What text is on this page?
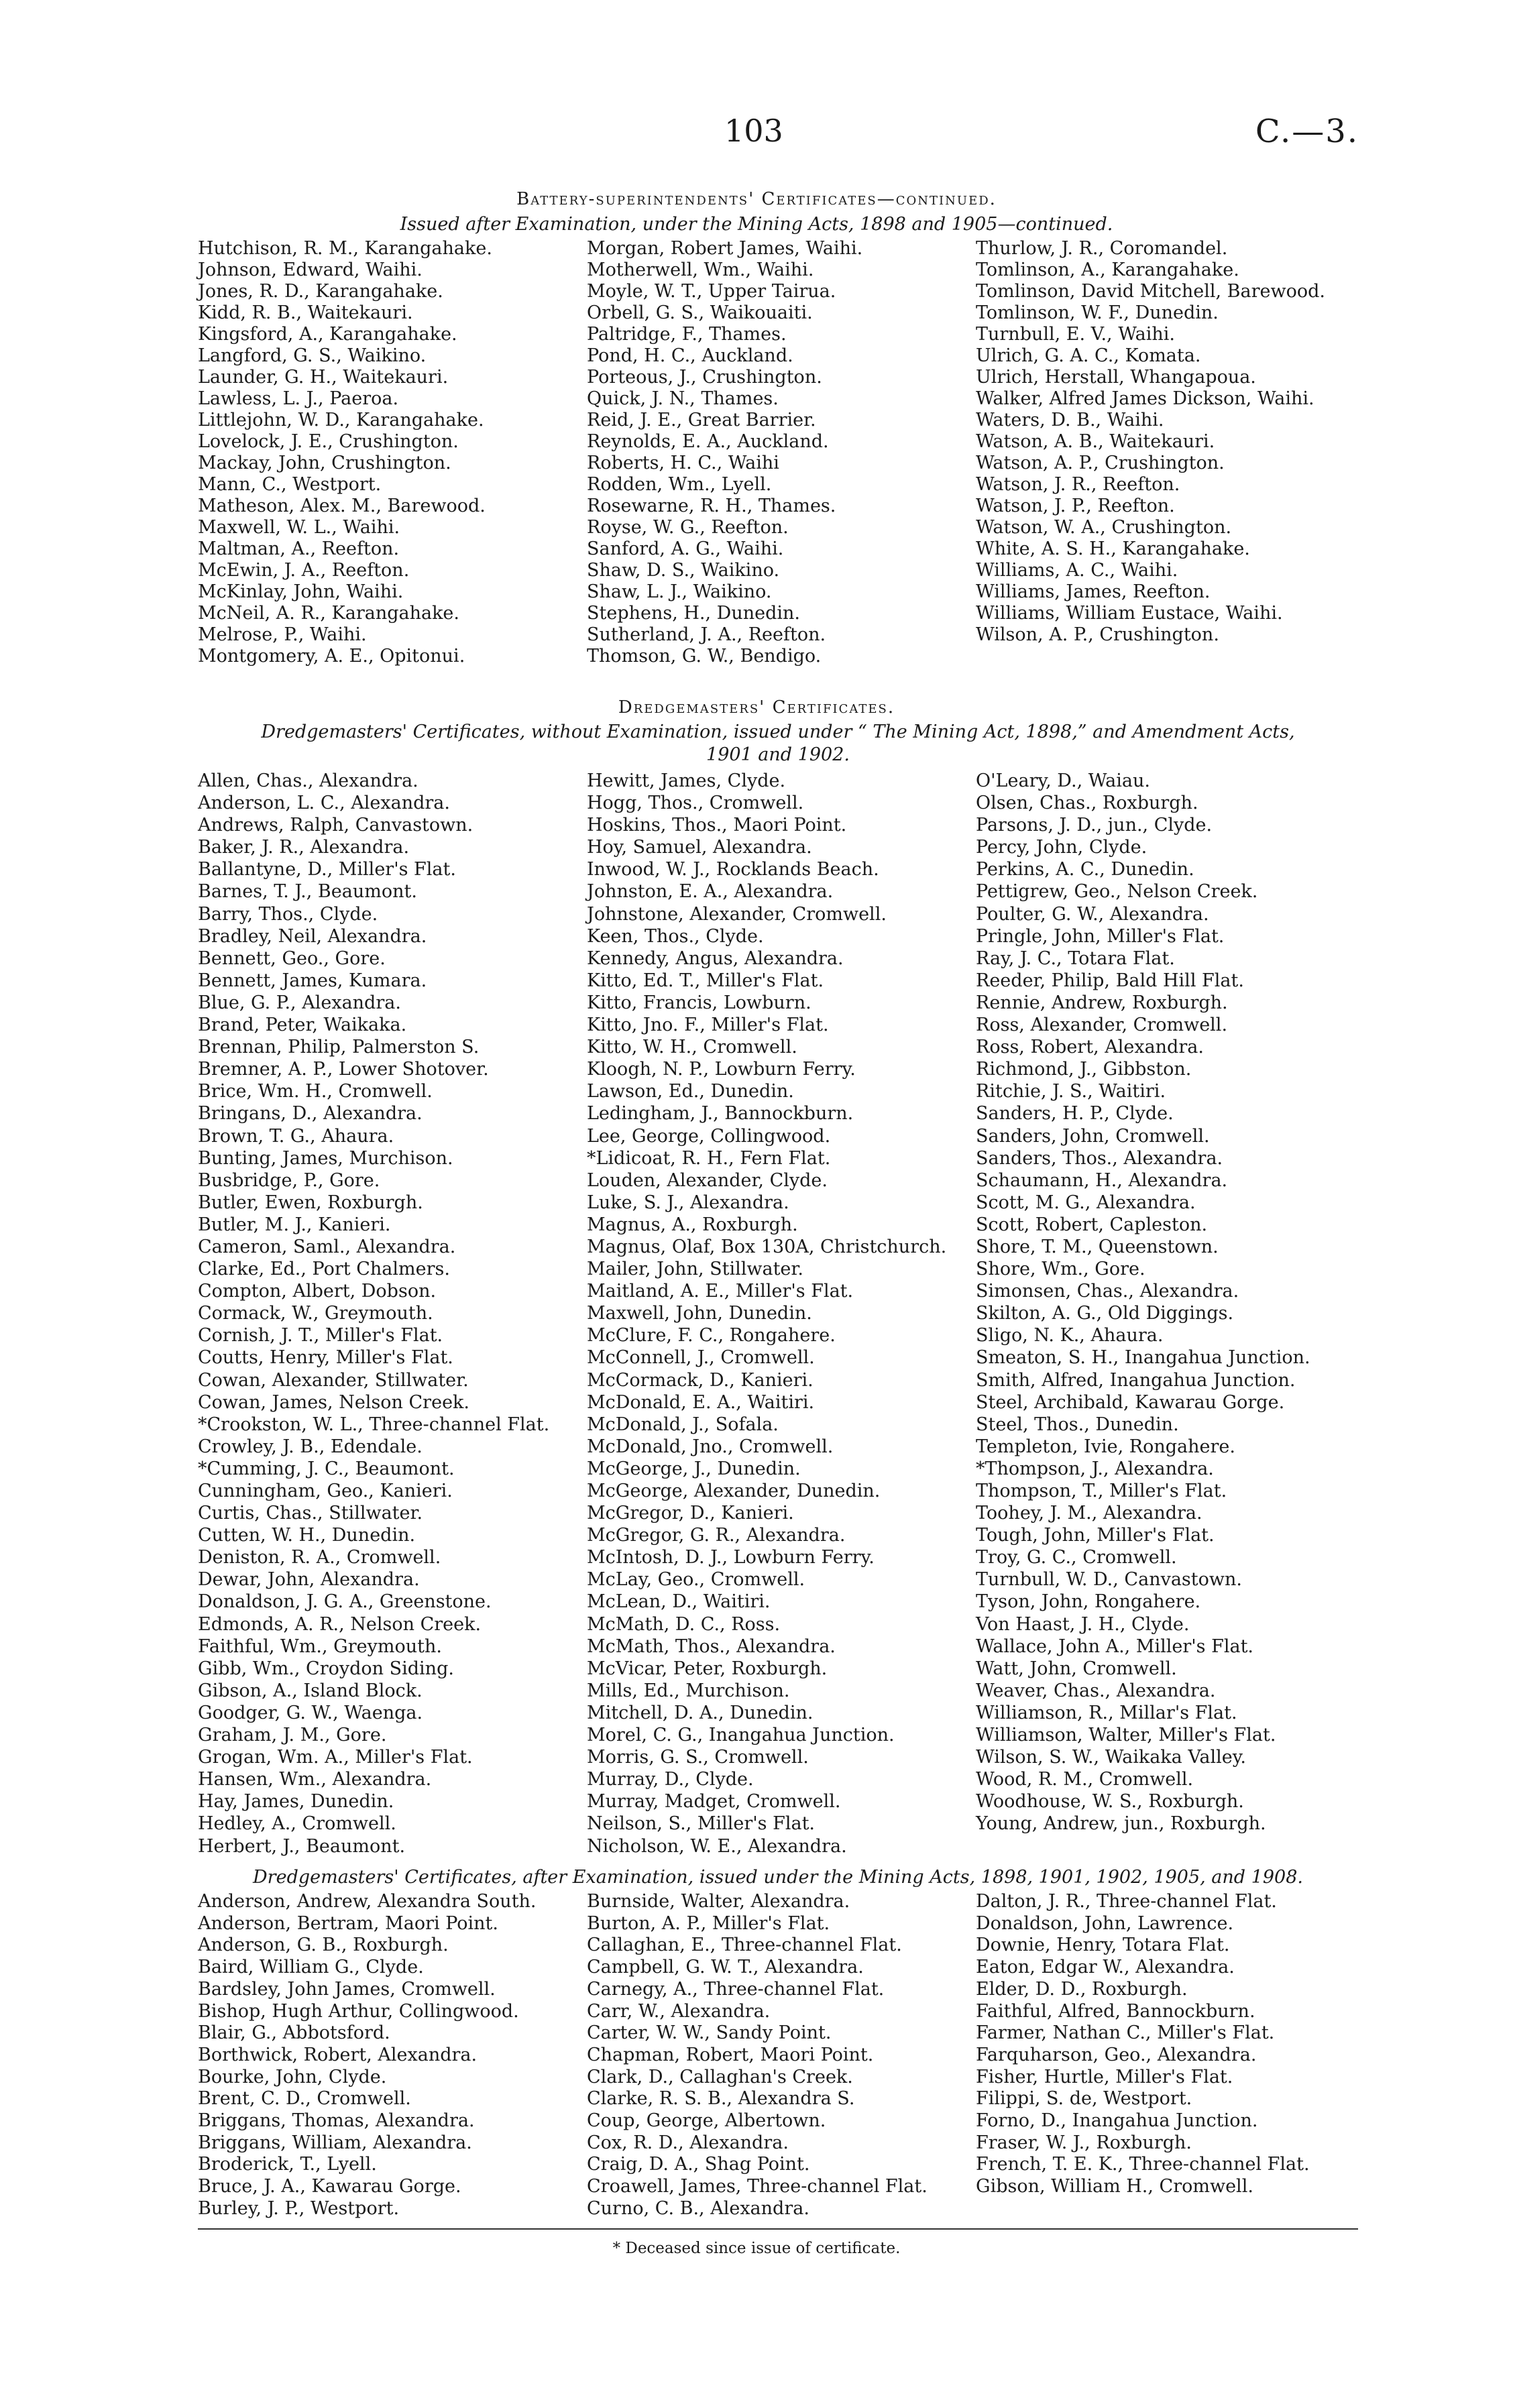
103	C.—3.
Battery-superintendents' Certificates—continued.
Issued after Examination, under the Mining Acts, 1898 and 1905—continued.
Hutchison, R. M., Karangahake.
Johnson, Edward, Waihi.
Jones, R. D., Karangahake.
Kidd, R. B., Waitekauri.
Kingsford, A., Karangahake.
Langford, G. S., Waikino.
Launder, G. H., Waitekauri.
Lawless, L. J., Paeroa.
Littlejohn, W. D., Karangahake.
Lovelock, J. E., Crushington.
Mackay, John, Crushington.
Mann, C., Westport.
Matheson, Alex. M., Barewood.
Maxwell, W. L., Waihi.
Maltman, A., Reefton.
McEwin, J. A., Reefton.
McKinlay, John, Waihi.
McNeil, A. R., Karangahake.
Melrose, P., Waihi.
Montgomery, A. E., Opitonui.
Morgan, Robert James, Waihi.
Motherwell, Wm., Waihi.
Moyle, W. T., Upper Tairua.
Orbell, G. S., Waikouaiti.
Paltridge, F., Thames.
Pond, H. C., Auckland.
Porteous, J., Crushington.
Quick, J. N., Thames.
Reid, J. E., Great Barrier.
Reynolds, E. A., Auckland.
Roberts, H. C., Waihi
Rodden, Wm., Lyell.
Rosewarne, R. H., Thames.
Royse, W. G., Reefton.
Sanford, A. G., Waihi.
Shaw, D. S., Waikino.
Shaw, L. J., Waikino.
Stephens, H., Dunedin.
Sutherland, J. A., Reefton.
Thomson, G. W., Bendigo.
Thurlow, J. R., Coromandel.
Tomlinson, A., Karangahake.
Tomlinson, David Mitchell, Barewood.
Tomlinson, W. F., Dunedin.
Turnbull, E. V., Waihi.
Ulrich, G. A. C., Komata.
Ulrich, Herstall, Whangapoua.
Walker, Alfred James Dickson, Waihi.
Waters, D. B., Waihi.
Watson, A. B., Waitekauri.
Watson, A. P., Crushington.
Watson, J. R., Reefton.
Watson, J. P., Reefton.
Watson, W. A., Crushington.
White, A. S. H., Karangahake.
Williams, A. C., Waihi.
Williams, James, Reefton.
Williams, William Eustace, Waihi.
Wilson, A. P., Crushington.
Dredgemasters' Certificates.
Dredgemasters' Certificates, without Examination, issued under “ The Mining Act, 1898,” and Amendment Acts,
1901 and 1902.
Allen, Chas., Alexandra.
Anderson, L. C., Alexandra.
Andrews, Ralph, Canvastown.
Baker, J. R., Alexandra.
Ballantyne, D., Miller's Flat.
Barnes, T. J., Beaumont.
Barry, Thos., Clyde.
Bradley, Neil, Alexandra.
Bennett, Geo., Gore.
Bennett, James, Kumara.
Blue, G. P., Alexandra.
Brand, Peter, Waikaka.
Brennan, Philip, Palmerston S.
Bremner, A. P., Lower Shotover.
Brice, Wm. H., Cromwell.
Bringans, D., Alexandra.
Brown, T. G., Ahaura.
Bunting, James, Murchison.
Busbridge, P., Gore.
Butler, Ewen, Roxburgh.
Butler, M. J., Kanieri.
Cameron, Saml., Alexandra.
Clarke, Ed., Port Chalmers.
Compton, Albert, Dobson.
Cormack, W., Greymouth.
Cornish, J. T., Miller's Flat.
Coutts, Henry, Miller's Flat.
Cowan, Alexander, Stillwater.
Cowan, James, Nelson Creek.
*Crookston, W. L., Three-channel Flat.
Crowley, J. B., Edendale.
*Cumming, J. C., Beaumont.
Cunningham, Geo., Kanieri.
Curtis, Chas., Stillwater.
Cutten, W. H., Dunedin.
Deniston, R. A., Cromwell.
Dewar, John, Alexandra.
Donaldson, J. G. A., Greenstone.
Edmonds, A. R., Nelson Creek.
Faithful, Wm., Greymouth.
Gibb, Wm., Croydon Siding.
Gibson, A., Island Block.
Goodger, G. W., Waenga.
Graham, J. M., Gore.
Grogan, Wm. A., Miller's Flat.
Hansen, Wm., Alexandra.
Hay, James, Dunedin.
Hedley, A., Cromwell.
Herbert, J., Beaumont.
Hewitt, James, Clyde.
Hogg, Thos., Cromwell.
Hoskins, Thos., Maori Point.
Hoy, Samuel, Alexandra.
Inwood, W. J., Rocklands Beach.
Johnston, E. A., Alexandra.
Johnstone, Alexander, Cromwell.
Keen, Thos., Clyde.
Kennedy, Angus, Alexandra.
Kitto, Ed. T., Miller's Flat.
Kitto, Francis, Lowburn.
Kitto, Jno. F., Miller's Flat.
Kitto, W. H., Cromwell.
Kloogh, N. P., Lowburn Ferry.
Lawson, Ed., Dunedin.
Ledingham, J., Bannockburn.
Lee, George, Collingwood.
*Lidicoat, R. H., Fern Flat.
Louden, Alexander, Clyde.
Luke, S. J., Alexandra.
Magnus, A., Roxburgh.
Magnus, Olaf, Box 130A, Christchurch.
Mailer, John, Stillwater.
Maitland, A. E., Miller's Flat.
Maxwell, John, Dunedin.
McClure, F. C., Rongahere.
McConnell, J., Cromwell.
McCormack, D., Kanieri.
McDonald, E. A., Waitiri.
McDonald, J., Sofala.
McDonald, Jno., Cromwell.
McGeorge, J., Dunedin.
McGeorge, Alexander, Dunedin.
McGregor, D., Kanieri.
McGregor, G. R., Alexandra.
McIntosh, D. J., Lowburn Ferry.
McLay, Geo., Cromwell.
McLean, D., Waitiri.
McMath, D. C., Ross.
McMath, Thos., Alexandra.
McVicar, Peter, Roxburgh.
Mills, Ed., Murchison.
Mitchell, D. A., Dunedin.
Morel, C. G., Inangahua Junction.
Morris, G. S., Cromwell.
Murray, D., Clyde.
Murray, Madget, Cromwell.
Neilson, S., Miller's Flat.
Nicholson, W. E., Alexandra.
O'Leary, D., Waiau.
Olsen, Chas., Roxburgh.
Parsons, J. D., jun., Clyde.
Percy, John, Clyde.
Perkins, A. C., Dunedin.
Pettigrew, Geo., Nelson Creek.
Poulter, G. W., Alexandra.
Pringle, John, Miller's Flat.
Ray, J. C., Totara Flat.
Reeder, Philip, Bald Hill Flat.
Rennie, Andrew, Roxburgh.
Ross, Alexander, Cromwell.
Ross, Robert, Alexandra.
Richmond, J., Gibbston.
Ritchie, J. S., Waitiri.
Sanders, H. P., Clyde.
Sanders, John, Cromwell.
Sanders, Thos., Alexandra.
Schaumann, H., Alexandra.
Scott, M. G., Alexandra.
Scott, Robert, Capleston.
Shore, T. M., Queenstown.
Shore, Wm., Gore.
Simonsen, Chas., Alexandra.
Skilton, A. G., Old Diggings.
Sligo, N. K., Ahaura.
Smeaton, S. H., Inangahua Junction.
Smith, Alfred, Inangahua Junction.
Steel, Archibald, Kawarau Gorge.
Steel, Thos., Dunedin.
Templeton, Ivie, Rongahere.
*Thompson, J., Alexandra.
Thompson, T., Miller's Flat.
Toohey, J. M., Alexandra.
Tough, John, Miller's Flat.
Troy, G. C., Cromwell.
Turnbull, W. D., Canvastown.
Tyson, John, Rongahere.
Von Haast, J. H., Clyde.
Wallace, John A., Miller's Flat.
Watt, John, Cromwell.
Weaver, Chas., Alexandra.
Williamson, R., Millar's Flat.
Williamson, Walter, Miller's Flat.
Wilson, S. W., Waikaka Valley.
Wood, R. M., Cromwell.
Woodhouse, W. S., Roxburgh.
Young, Andrew, jun., Roxburgh.
Dredgemasters' Certificates, after Examination, issued under the Mining Acts, 1898, 1901, 1902, 1905, and 1908.
Anderson, Andrew, Alexandra South.
Anderson, Bertram, Maori Point.
Anderson, G. B., Roxburgh.
Baird, William G., Clyde.
Bardsley, John James, Cromwell.
Bishop, Hugh Arthur, Collingwood.
Blair, G., Abbotsford.
Borthwick, Robert, Alexandra.
Bourke, John, Clyde.
Brent, C. D., Cromwell.
Briggans, Thomas, Alexandra.
Briggans, William, Alexandra.
Broderick, T., Lyell.
Bruce, J. A., Kawarau Gorge.
Burley, J. P., Westport.
Burnside, Walter, Alexandra.
Burton, A. P., Miller's Flat.
Callaghan, E., Three-channel Flat.
Campbell, G. W. T., Alexandra.
Carnegy, A., Three-channel Flat.
Carr, W., Alexandra.
Carter, W. W., Sandy Point.
Chapman, Robert, Maori Point.
Clark, D., Callaghan's Creek.
Clarke, R. S. B., Alexandra S.
Coup, George, Albertown.
Cox, R. D., Alexandra.
Craig, D. A., Shag Point.
Croawell, James, Three-channel Flat.
Curno, C. B., Alexandra.
Dalton, J. R., Three-channel Flat.
Donaldson, John, Lawrence.
Downie, Henry, Totara Flat.
Eaton, Edgar W., Alexandra.
Elder, D. D., Roxburgh.
Faithful, Alfred, Bannockburn.
Farmer, Nathan C., Miller's Flat.
Farquharson, Geo., Alexandra.
Fisher, Hurtle, Miller's Flat.
Filippi, S. de, Westport.
Forno, D., Inangahua Junction.
Fraser, W. J., Roxburgh.
French, T. E. K., Three-channel Flat.
Gibson, William H., Cromwell.
* Deceased since issue of certificate.
